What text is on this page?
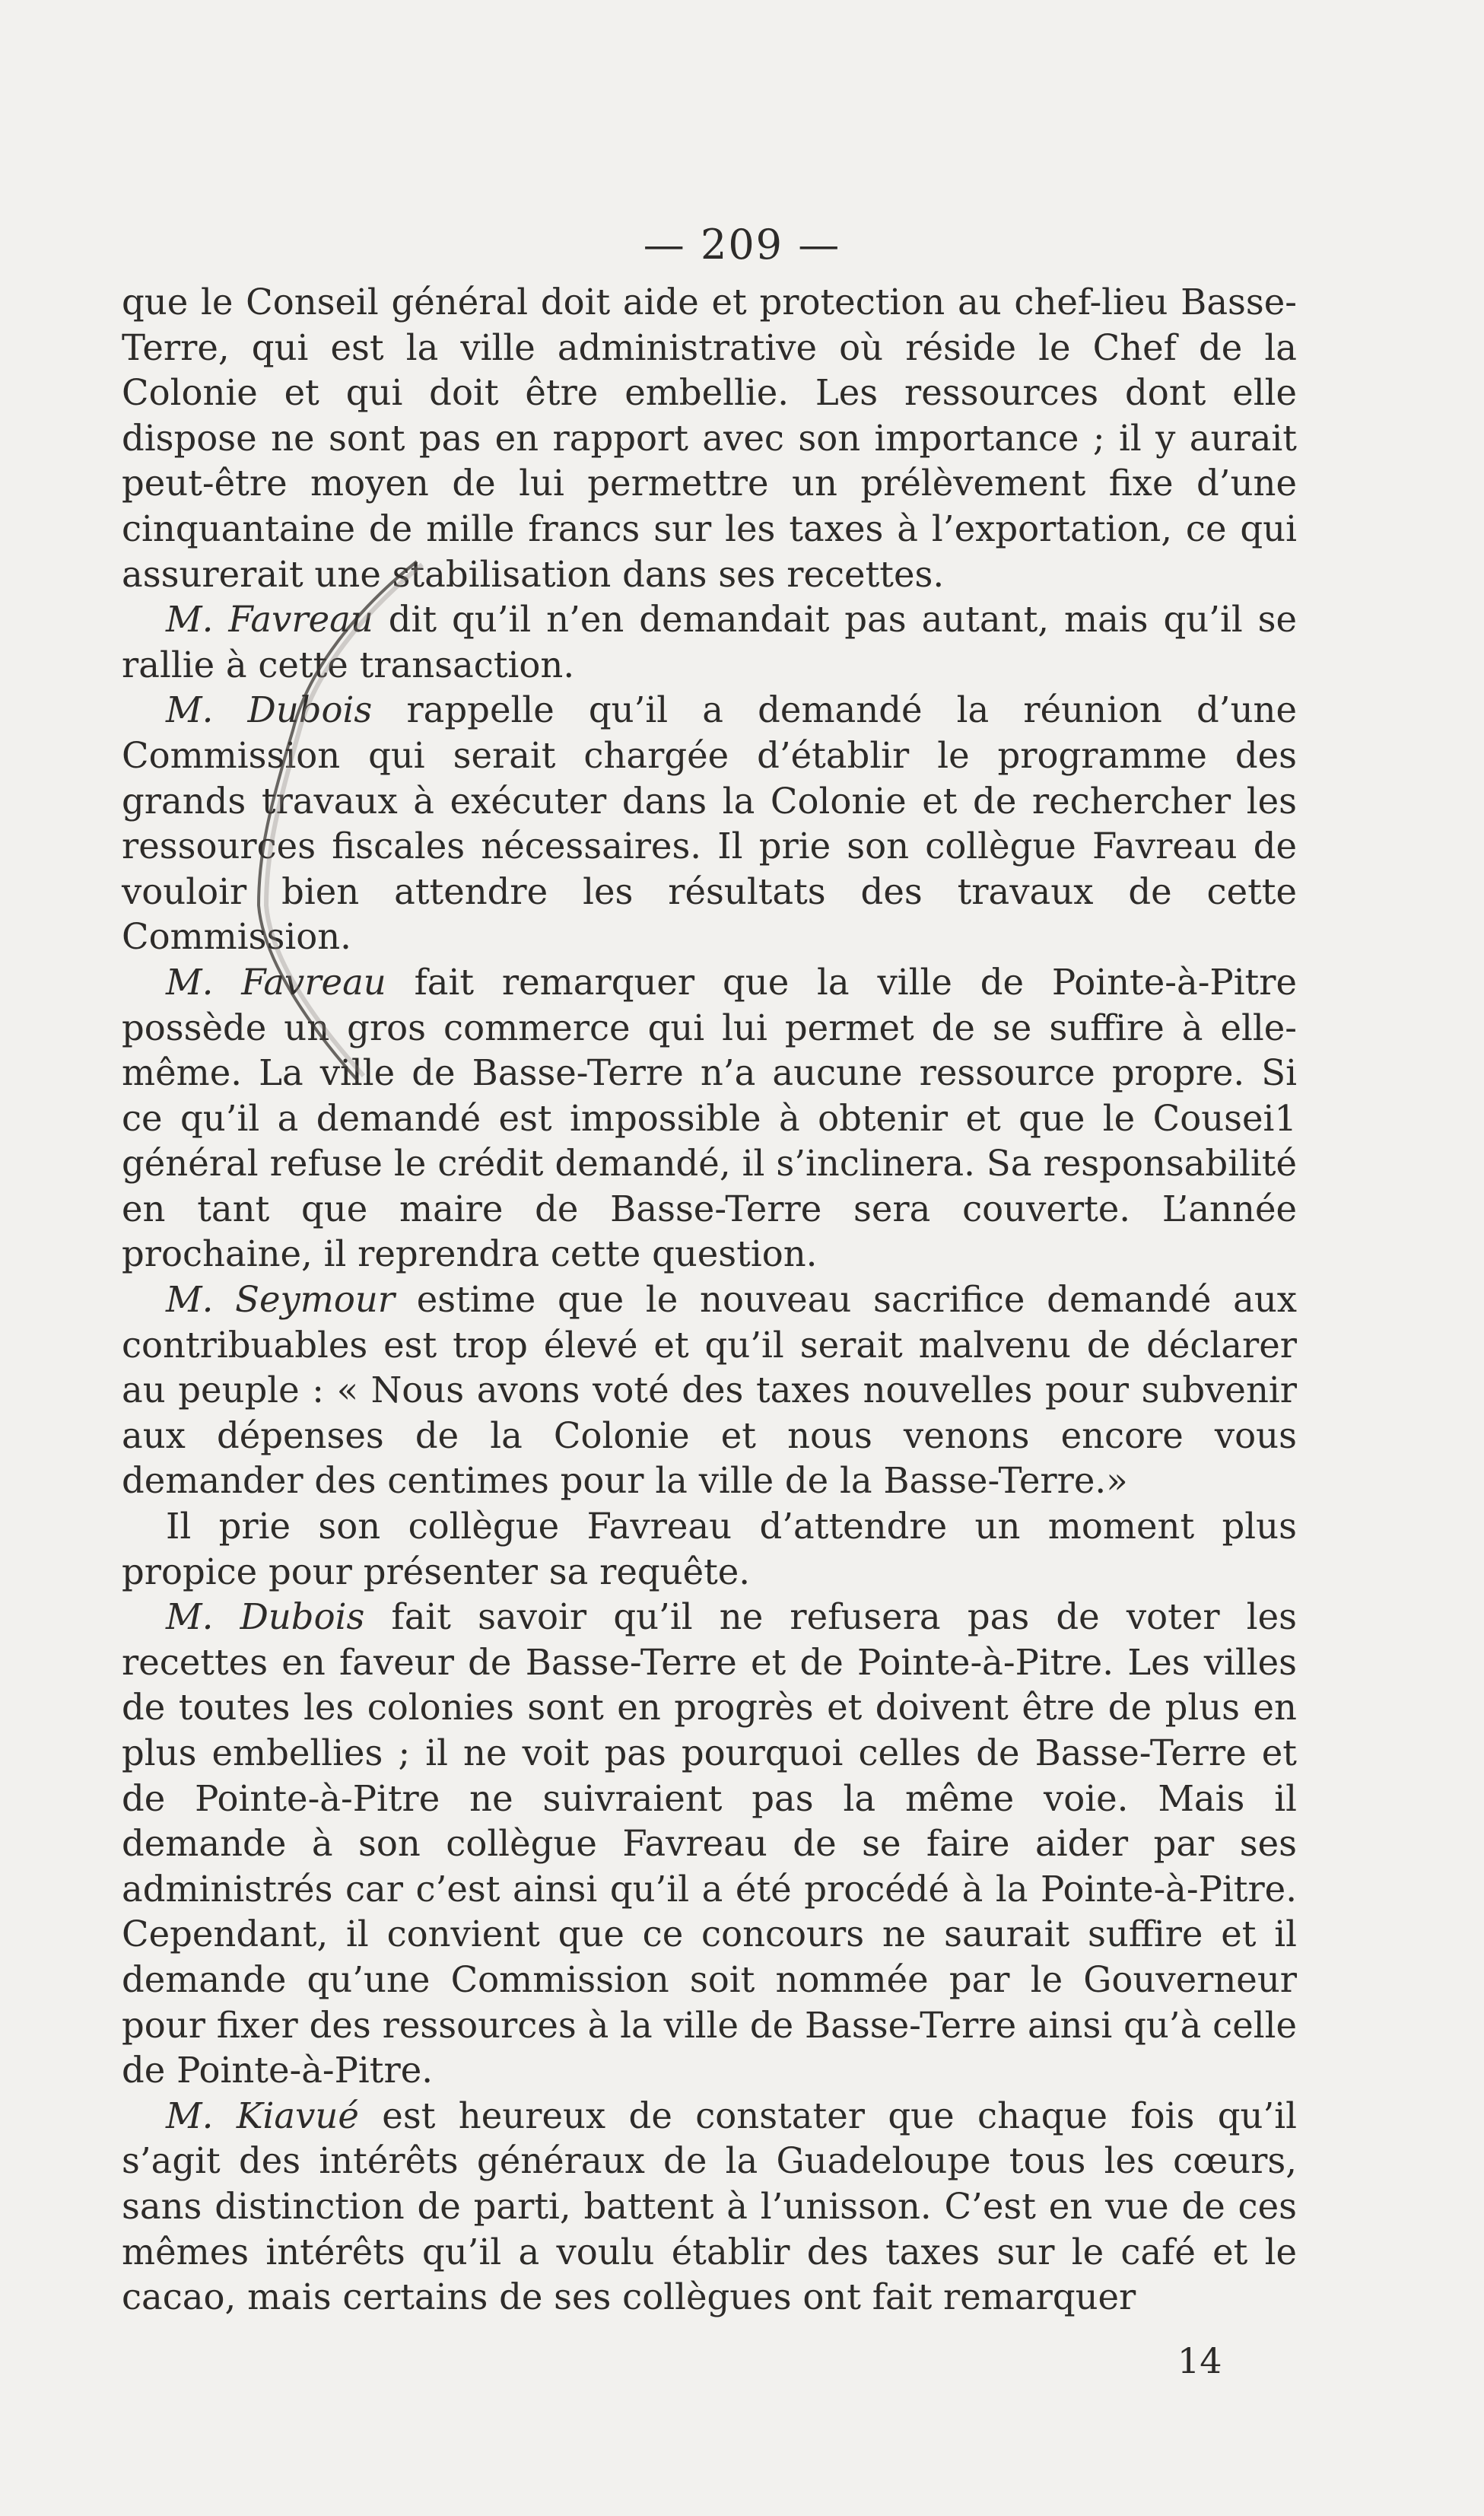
— 209 —

que le Conseil général doit aide et protection au chef-lieu Basse-Terre, qui est la ville administrative où réside le Chef de la Colonie et qui doit être embellie. Les ressources dont elle dispose ne sont pas en rapport avec son importance ; il y aurait peut-être moyen de lui permettre un prélèvement fixe d’une cinquantaine de mille francs sur les taxes à l’exportation, ce qui assurerait une stabilisation dans ses recettes.

M. Favreau dit qu’il n’en demandait pas autant, mais qu’il se rallie à cette transaction.

M. Dubois rappelle qu’il a demandé la réunion d’une Commission qui serait chargée d’établir le programme des grands travaux à exécuter dans la Colonie et de rechercher les ressources fiscales nécessaires. Il prie son collègue Favreau de vouloir bien attendre les résultats des travaux de cette Commission.

M. Favreau fait remarquer que la ville de Pointe-à-Pitre possède un gros commerce qui lui permet de se suffire à elle-même. La ville de Basse-Terre n’a aucune ressource propre. Si ce qu’il a demandé est impossible à obtenir et que le Cousei1 général refuse le crédit demandé, il s’inclinera. Sa responsabilité en tant que maire de Basse-Terre sera couverte. L’année prochaine, il reprendra cette question.

M. Seymour estime que le nouveau sacrifice demandé aux contribuables est trop élevé et qu’il serait malvenu de déclarer au peuple : « Nous avons voté des taxes nouvelles pour subvenir aux dépenses de la Colonie et nous venons encore vous demander des centimes pour la ville de la Basse-Terre.»

Il prie son collègue Favreau d’attendre un moment plus propice pour présenter sa requête.

M. Dubois fait savoir qu’il ne refusera pas de voter les recettes en faveur de Basse-Terre et de Pointe-à-Pitre. Les villes de toutes les colonies sont en progrès et doivent être de plus en plus embellies ; il ne voit pas pourquoi celles de Basse-Terre et de Pointe-à-Pitre ne suivraient pas la même voie. Mais il demande à son collègue Favreau de se faire aider par ses administrés car c’est ainsi qu’il a été procédé à la Pointe-à-Pitre. Cependant, il convient que ce concours ne saurait suffire et il demande qu’une Commission soit nommée par le Gouverneur pour fixer des ressources à la ville de Basse-Terre ainsi qu’à celle de Pointe-à-Pitre.

M. Kiavué est heureux de constater que chaque fois qu’il s’agit des intérêts généraux de la Guadeloupe tous les cœurs, sans distinction de parti, battent à l’unisson. C’est en vue de ces mêmes intérêts qu’il a voulu établir des taxes sur le café et le cacao, mais certains de ses collègues ont fait remarquer

14
